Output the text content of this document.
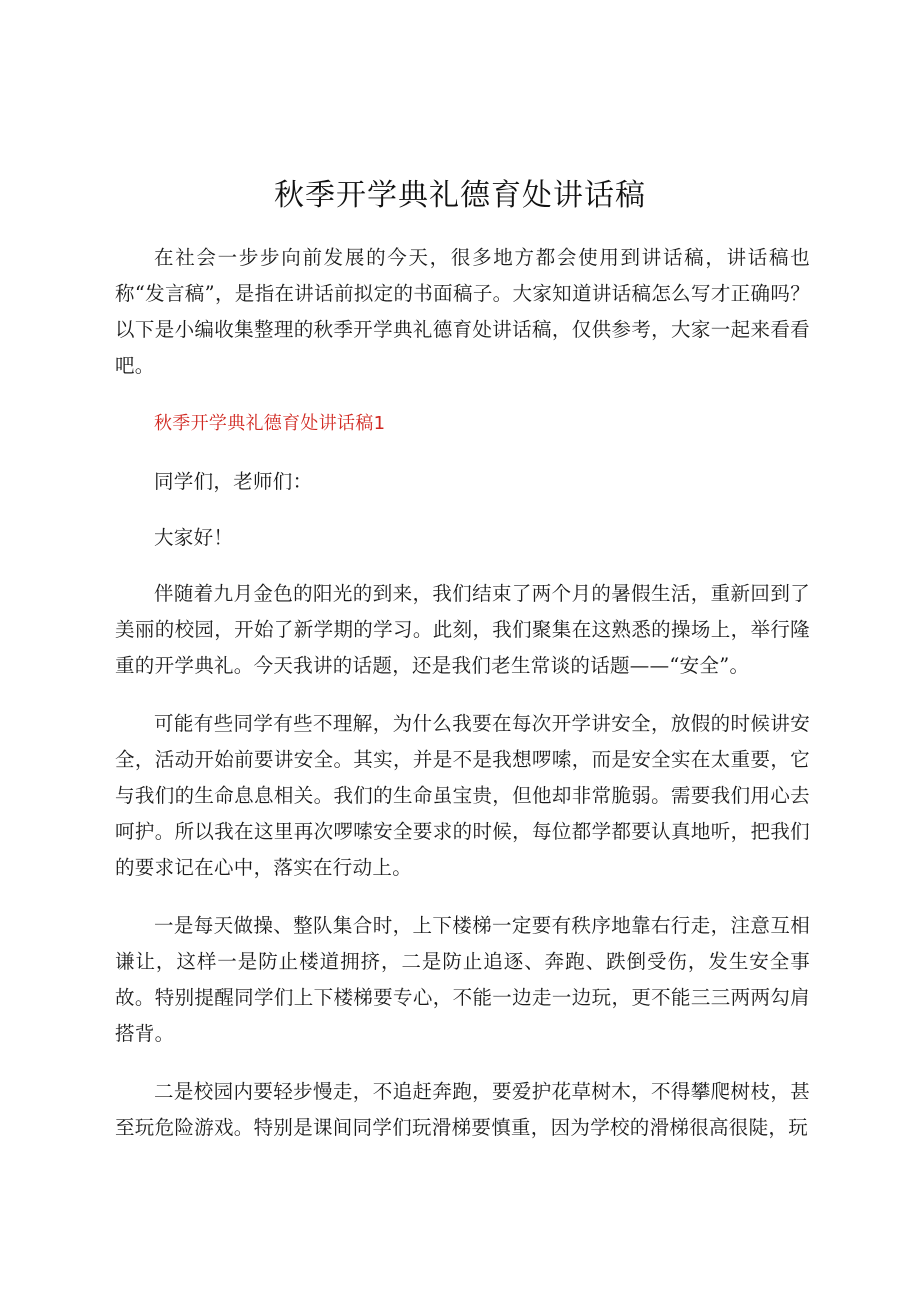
秋季开学典礼德育处讲话稿

在社会一步步向前发展的今天，很多地方都会使用到讲话稿，讲话稿也称“发言稿”，是指在讲话前拟定的书面稿子。大家知道讲话稿怎么写才正确吗？以下是小编收集整理的秋季开学典礼德育处讲话稿，仅供参考，大家一起来看看吧。

秋季开学典礼德育处讲话稿1

同学们，老师们：

大家好！

伴随着九月金色的阳光的到来，我们结束了两个月的暑假生活，重新回到了美丽的校园，开始了新学期的学习。此刻，我们聚集在这熟悉的操场上，举行隆重的开学典礼。今天我讲的话题，还是我们老生常谈的话题——“安全”。

可能有些同学有些不理解，为什么我要在每次开学讲安全，放假的时候讲安全，活动开始前要讲安全。其实，并是不是我想啰嗦，而是安全实在太重要，它与我们的生命息息相关。我们的生命虽宝贵，但他却非常脆弱。需要我们用心去呵护。所以我在这里再次啰嗦安全要求的时候，每位都学都要认真地听，把我们的要求记在心中，落实在行动上。

一是每天做操、整队集合时，上下楼梯一定要有秩序地靠右行走，注意互相谦让，这样一是防止楼道拥挤，二是防止追逐、奔跑、跌倒受伤，发生安全事故。特别提醒同学们上下楼梯要专心，不能一边走一边玩，更不能三三两两勾肩搭背。

二是校园内要轻步慢走，不追赶奔跑，要爱护花草树木，不得攀爬树枝，甚至玩危险游戏。特别是课间同学们玩滑梯要慎重，因为学校的滑梯很高很陡，玩
